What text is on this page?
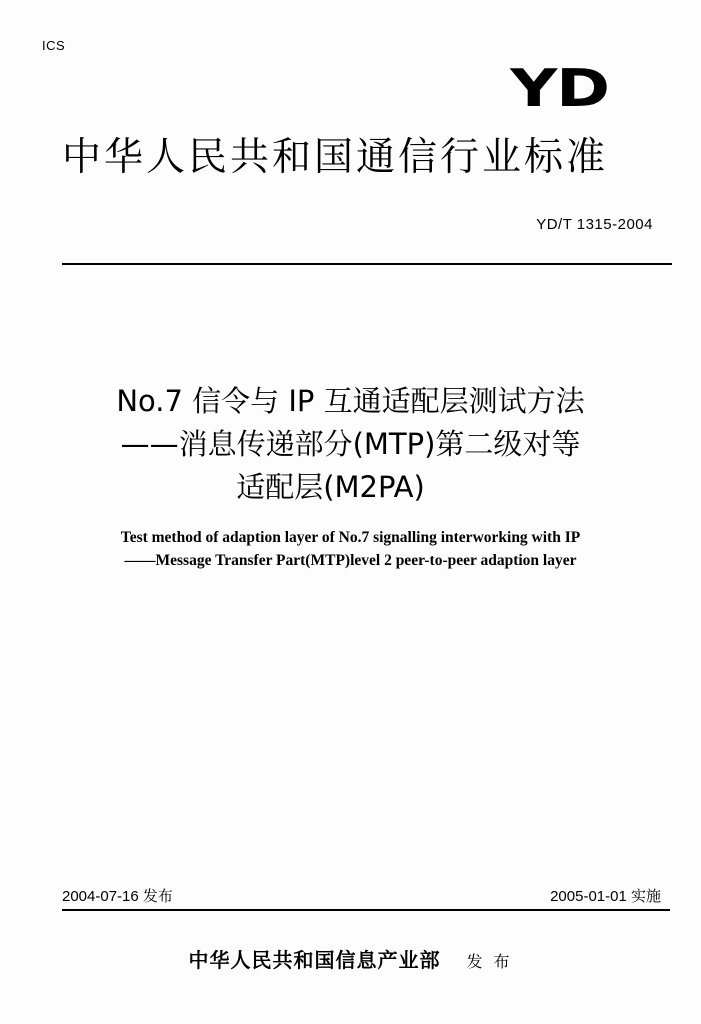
ICS
YD
中华人民共和国通信行业标准
YD/T 1315-2004
No.7 信令与 IP 互通适配层测试方法
——消息传递部分(MTP)第二级对等
适配层(M2PA)
Test method of adaption layer of No.7 signalling interworking with IP
——Message Transfer Part(MTP)level 2 peer-to-peer adaption layer
2004-07-16 发布	2005-01-01 实施
中华人民共和国信息产业部 发 布
